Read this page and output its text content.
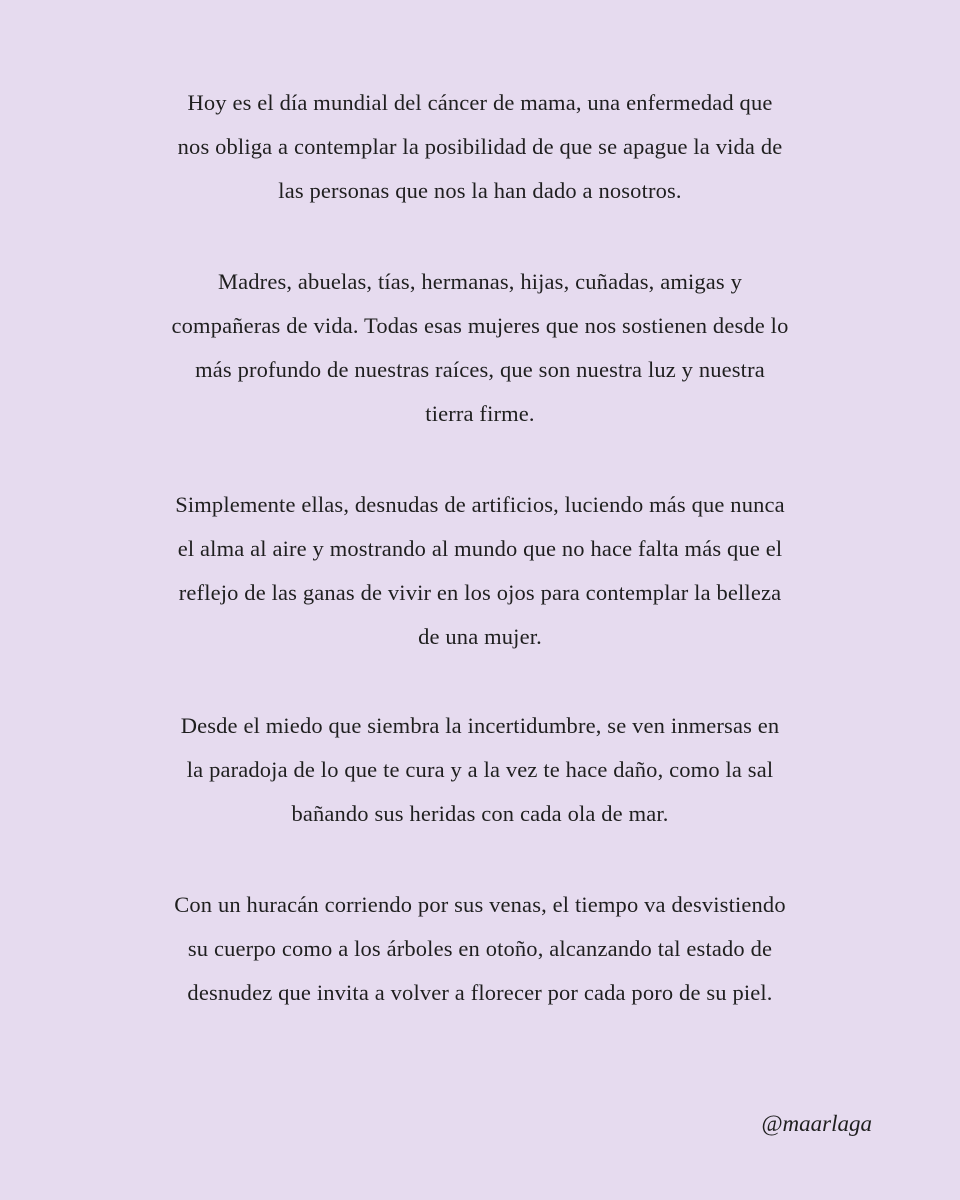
Hoy es el día mundial del cáncer de mama, una enfermedad que
nos obliga a contemplar la posibilidad de que se apague la vida de
las personas que nos la han dado a nosotros.

Madres, abuelas, tías, hermanas, hijas, cuñadas, amigas y
compañeras de vida. Todas esas mujeres que nos sostienen desde lo
más profundo de nuestras raíces, que son nuestra luz y nuestra
tierra firme.

Simplemente ellas, desnudas de artificios, luciendo más que nunca
el alma al aire y mostrando al mundo que no hace falta más que el
reflejo de las ganas de vivir en los ojos para contemplar la belleza
de una mujer.

Desde el miedo que siembra la incertidumbre, se ven inmersas en
la paradoja de lo que te cura y a la vez te hace daño, como la sal
bañando sus heridas con cada ola de mar.

Con un huracán corriendo por sus venas, el tiempo va desvistiendo
su cuerpo como a los árboles en otoño, alcanzando tal estado de
desnudez que invita a volver a florecer por cada poro de su piel.

@maarlaga
